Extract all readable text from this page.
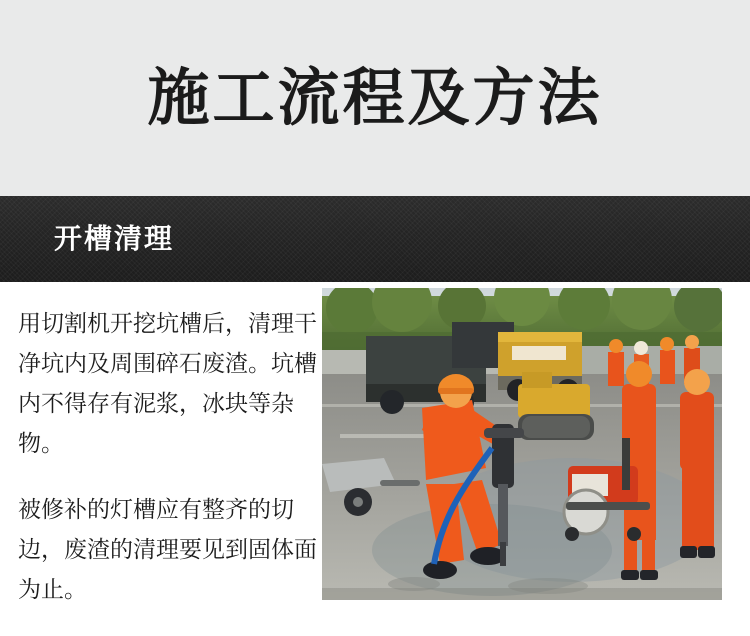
施工流程及方法
开槽清理

用切割机开挖坑槽后，清理干净坑内及周围碎石废渣。坑槽内不得存有泥浆，冰块等杂物。

被修补的灯槽应有整齐的切边，废渣的清理要见到固体面为止。
